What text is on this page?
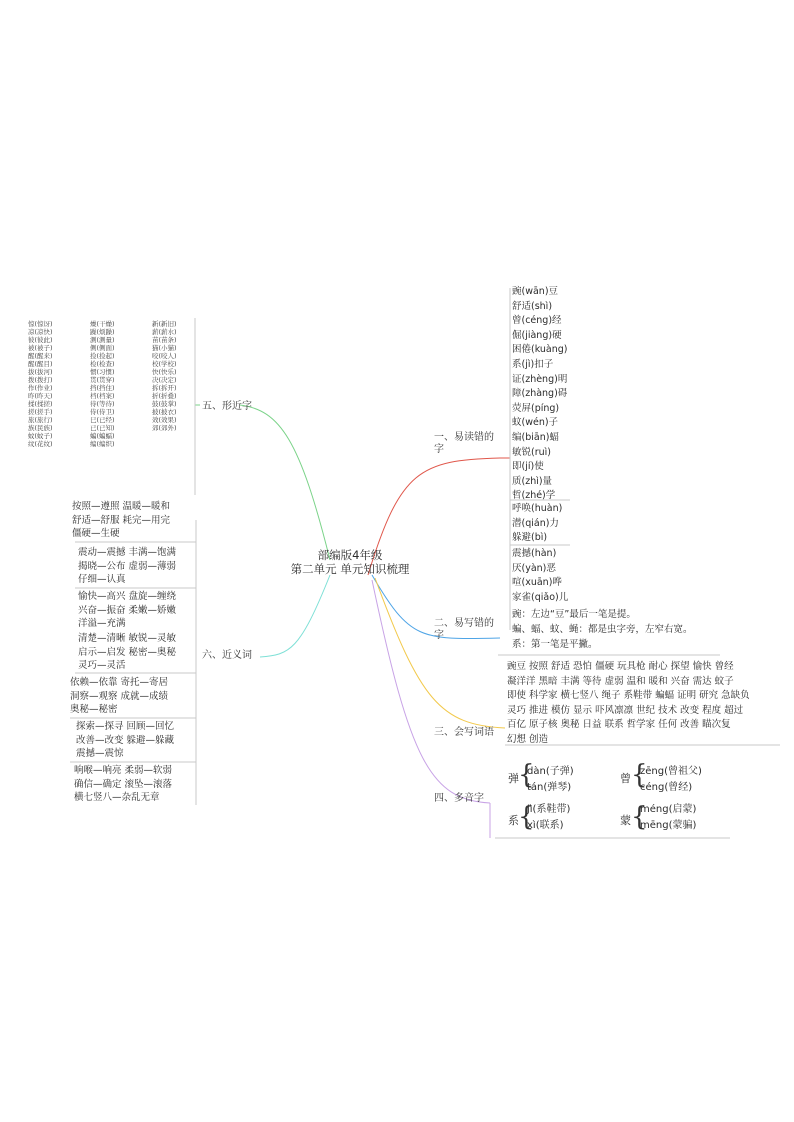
部编版4年级
第二单元 单元知识梳理
一、易读错的字
二、易写错的字
三、会写词语
四、多音字
五、形近字
六、近义词
豌(wān)豆
舒适(shì)
曾(céng)经
倔(jiàng)硬
困倦(kuàng)
系(jì)扣子
证(zhèng)明
障(zhàng)碍
荧屏(píng)
蚊(wén)子
编(biān)蝠
敏锐(ruì)
即(jí)使
质(zhì)量
哲(zhé)学
呼唤(huàn)
潜(qián)力
躲避(bì)
震撼(hàn)
厌(yàn)恶
喧(xuān)哗
家雀(qiǎo)儿
豌：左边“豆”最后一笔是提。
蝙、蝠、蚊、蝇：都是虫字旁，左窄右宽。
系：第一笔是平撇。
豌豆 按照 舒适 恐怕 僵硬 玩具枪 耐心 探望 愉快 曾经
凝洋洋 黑暗 丰满 等待 虚弱 温和 暖和 兴奋 需达 蚊子
即使 科学家 横七竖八 绳子 系鞋带 蝙蝠 证明 研究 急缺负
灵巧 推进 模仿 显示 吓风凛凛 世纪 技术 改变 程度 超过
百亿 原子核 奥秘 日益 联系 哲学家 任何 改善 瞄次复
幻想 创造
弹 {
dàn(子弹)
tán(弹琴)
系 {
jì(系鞋带)
xì(联系)
曾 {
zēng(曾祖父)
céng(曾经)
蒙 {
méng(启蒙)
mēng(蒙骗)
惊(惊讶)
凉(凉快)
彼(彼此)
被(被子)
醒(醒来)
醒(醒目)
拔(拔河)
拨(拨打)
作(作业)
昨(昨天)
揉(揉搓)
搓(搓手)
旅(旅行)
族(民族)
蚊(蚊子)
纹(花纹)
燥(干燥)
躁(烦躁)
测(测量)
侧(侧面)
捡(捡起)
检(检查)
惯(习惯)
贯(贯穿)
挡(挡住)
档(档案)
待(等待)
侍(侍卫)
巳(已经)
已(已知)
蝙(蝙蝠)
编(编织)
新(新旧)
薪(薪水)
苗(苗条)
猫(小猫)
咬(咬人)
校(学校)
快(快乐)
决(决定)
拆(拆开)
折(折叠)
鼓(鼓掌)
披(披衣)
效(效果)
郊(郊外)
按照—遵照 温暖—暖和
舒适—舒服 耗完—用完
僵硬—生硬
震动—震撼 丰满—饱满
揭晓—公布 虚弱—薄弱
仔细—认真
愉快—高兴 盘旋—缠绕
兴奋—振奋 柔嫩—娇嫩
洋溢—充满
清楚—清晰 敏锐—灵敏
启示—启发 秘密—奥秘
灵巧—灵活
依赖—依靠 寄托—寄居
洞察—观察 成就—成绩
奥秘—秘密
探索—探寻 回顾—回忆
改善—改变 躲避—躲藏
震撼—震惊
响喉—响亮 柔弱—软弱
确信—确定 滚坠—滚落
横七竖八—杂乱无章
